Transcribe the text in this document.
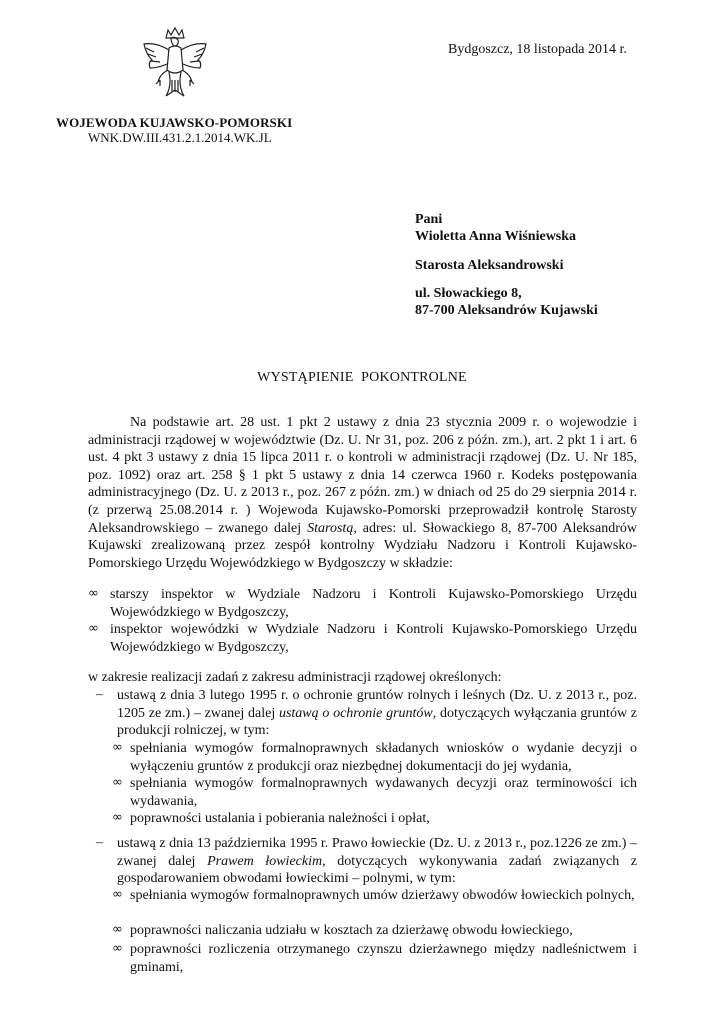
Bydgoszcz, 18 listopada 2014 r.
WOJEWODA KUJAWSKO-POMORSKI
WNK.DW.III.431.2.1.2014.WK.JL
Pani
Wioletta Anna Wiśniewska
Starosta Aleksandrowski
ul. Słowackiego 8,
87-700 Aleksandrów Kujawski
WYSTĄPIENIE POKONTROLNE

Na podstawie art. 28 ust. 1 pkt 2 ustawy z dnia 23 stycznia 2009 r. o wojewodzie i administracji rządowej w województwie (Dz. U. Nr 31, poz. 206 z późn. zm.), art. 2 pkt 1 i art. 6 ust. 4 pkt 3 ustawy z dnia 15 lipca 2011 r. o kontroli w administracji rządowej (Dz. U. Nr 185, poz. 1092) oraz art. 258 § 1 pkt 5 ustawy z dnia 14 czerwca 1960 r. Kodeks postępowania administracyjnego (Dz. U. z 2013 r., poz. 267 z późn. zm.) w dniach od 25 do 29 sierpnia 2014 r. (z przerwą 25.08.2014 r. ) Wojewoda Kujawsko-Pomorski przeprowadził kontrolę Starosty Aleksandrowskiego – zwanego dalej Starostą, adres: ul. Słowackiego 8, 87-700 Aleksandrów Kujawski zrealizowaną przez zespół kontrolny Wydziału Nadzoru i Kontroli Kujawsko-Pomorskiego Urzędu Wojewódzkiego w Bydgoszczy w składzie:

∞ starszy inspektor w Wydziale Nadzoru i Kontroli Kujawsko-Pomorskiego Urzędu Wojewódzkiego w Bydgoszczy,

∞ inspektor wojewódzki w Wydziale Nadzoru i Kontroli Kujawsko-Pomorskiego Urzędu Wojewódzkiego w Bydgoszczy,

w zakresie realizacji zadań z zakresu administracji rządowej określonych:

– ustawą z dnia 3 lutego 1995 r. o ochronie gruntów rolnych i leśnych (Dz. U. z 2013 r., poz. 1205 ze zm.) – zwanej dalej ustawą o ochronie gruntów, dotyczących wyłączania gruntów z produkcji rolniczej, w tym:

∞ spełniania wymogów formalnoprawnych składanych wniosków o wydanie decyzji o wyłączeniu gruntów z produkcji oraz niezbędnej dokumentacji do jej wydania,

∞ spełniania wymogów formalnoprawnych wydawanych decyzji oraz terminowości ich wydawania,

∞ poprawności ustalania i pobierania należności i opłat,

– ustawą z dnia 13 października 1995 r. Prawo łowieckie (Dz. U. z 2013 r., poz.1226 ze zm.) – zwanej dalej Prawem łowieckim, dotyczących wykonywania zadań związanych z gospodarowaniem obwodami łowieckimi – polnymi, w tym:

∞ spełniania wymogów formalnoprawnych umów dzierżawy obwodów łowieckich polnych,

∞ poprawności naliczania udziału w kosztach za dzierżawę obwodu łowieckiego,

∞ poprawności rozliczenia otrzymanego czynszu dzierżawnego między nadleśnictwem i gminami,
